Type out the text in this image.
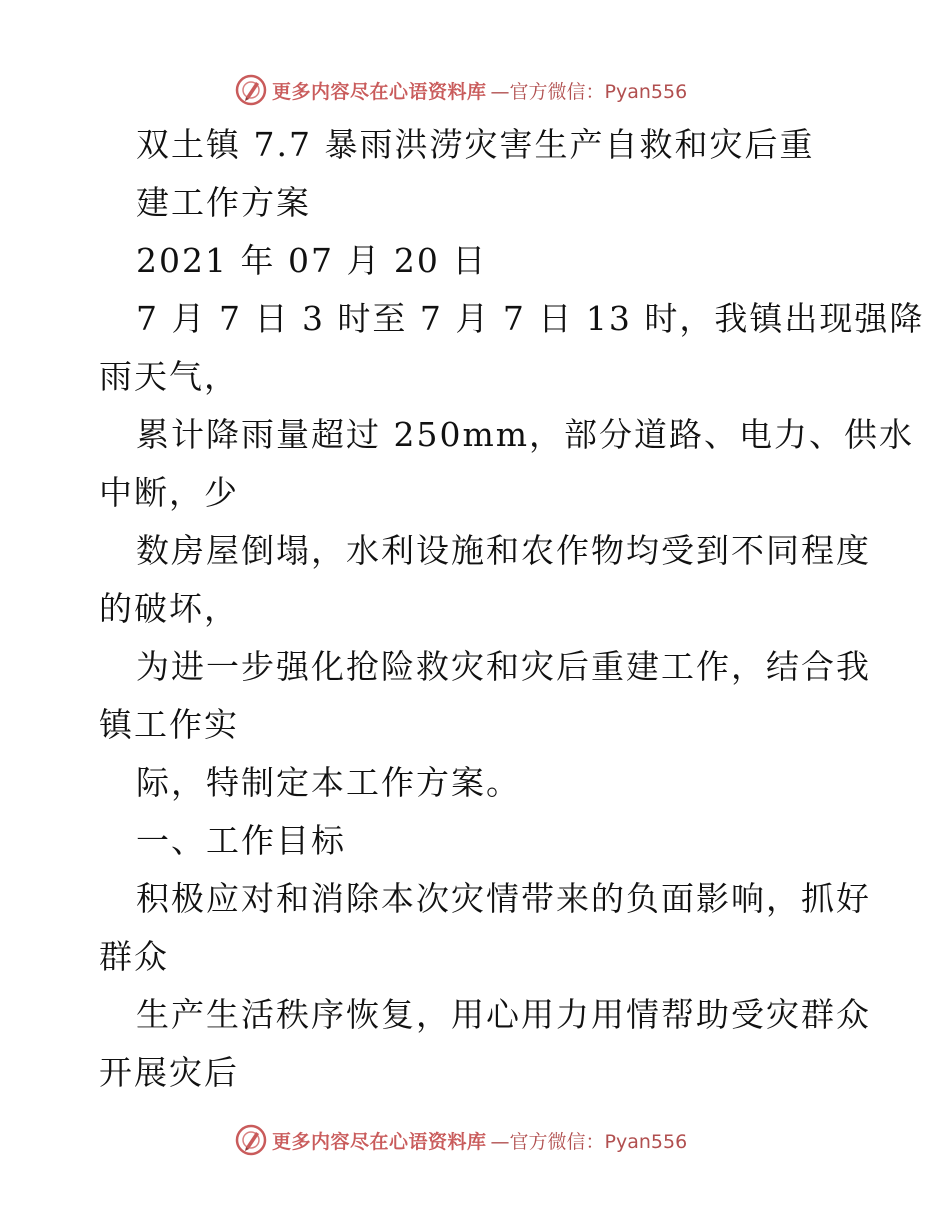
更多内容尽在心语资料库 —官方微信：Pyan556
双土镇 7.7 暴雨洪涝灾害生产自救和灾后重
建工作方案
2021 年 07 月 20 日
7 月 7 日 3 时至 7 月 7 日 13 时，我镇出现强降
雨天气，
累计降雨量超过 250mm，部分道路、电力、供水
中断，少
数房屋倒塌，水利设施和农作物均受到不同程度
的破坏，
为进一步强化抢险救灾和灾后重建工作，结合我
镇工作实
际，特制定本工作方案。
一、工作目标
积极应对和消除本次灾情带来的负面影响，抓好
群众
生产生活秩序恢复，用心用力用情帮助受灾群众
开展灾后
更多内容尽在心语资料库 —官方微信：Pyan556
